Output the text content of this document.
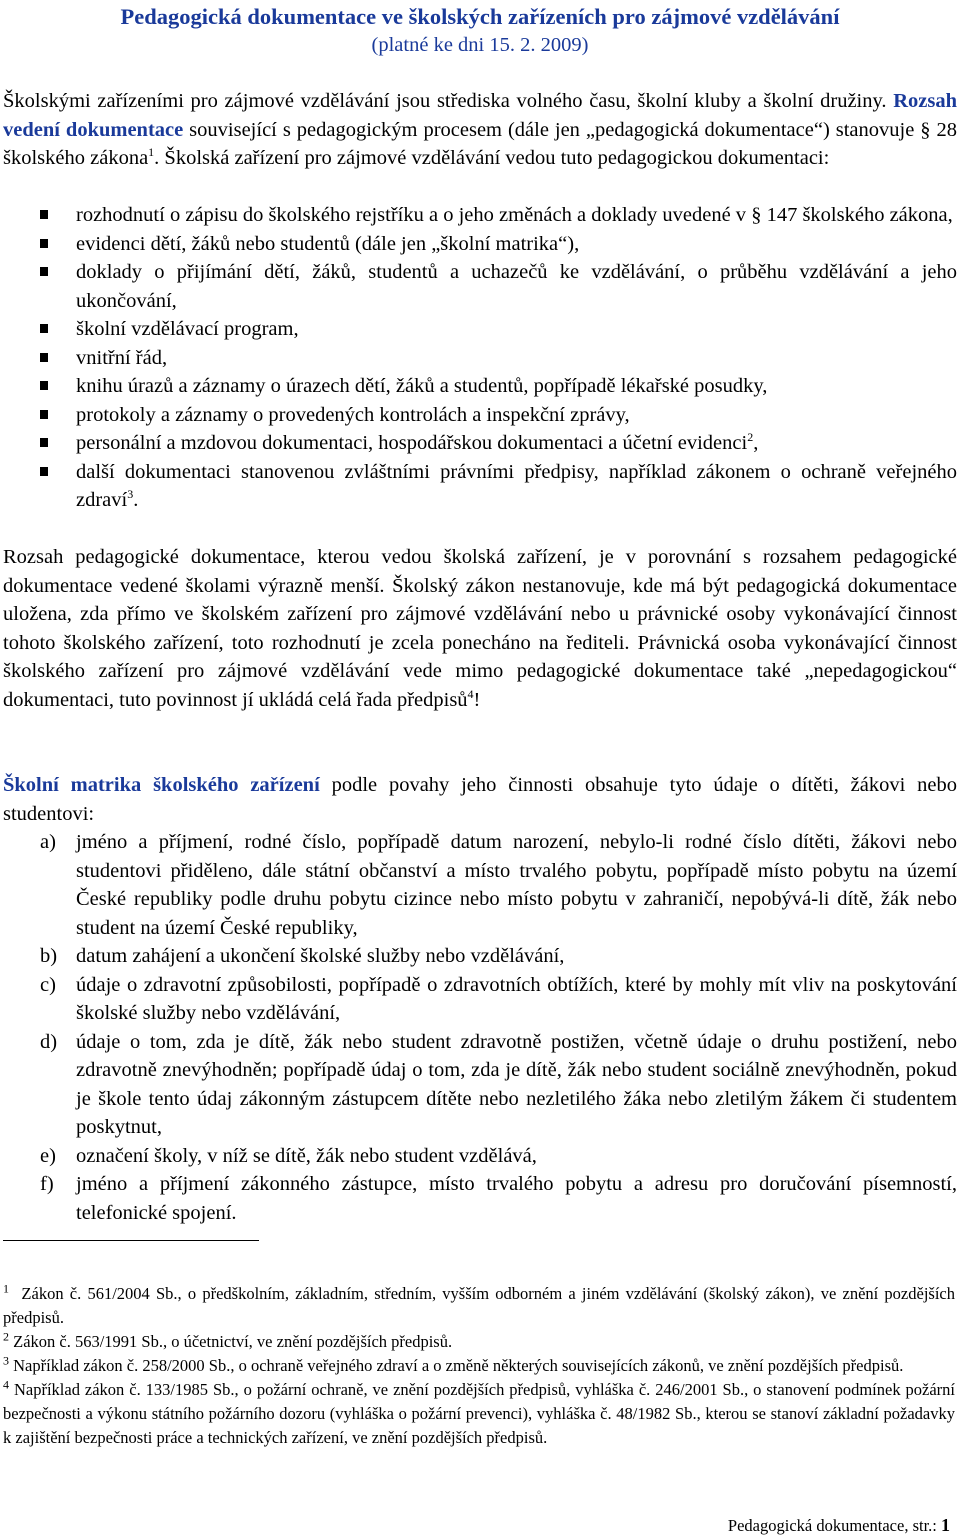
Pedagogická dokumentace ve školských zařízeních pro zájmové vzdělávání
(platné ke dni 15. 2. 2009)

Školskými zařízeními pro zájmové vzdělávání jsou střediska volného času, školní kluby a školní družiny. Rozsah vedení dokumentace související s pedagogickým procesem (dále jen „pedagogická dokumentace“) stanovuje § 28 školského zákona$^1$. Školská zařízení pro zájmové vzdělávání vedou tuto pedagogickou dokumentaci:

rozhodnutí o zápisu do školského rejstříku a o jeho změnách a doklady uvedené v § 147 školského zákona,
evidenci dětí, žáků nebo studentů (dále jen „školní matrika“),
doklady o přijímání dětí, žáků, studentů a uchazečů ke vzdělávání, o průběhu vzdělávání a jeho ukončování,
školní vzdělávací program,
vnitřní řád,
knihu úrazů a záznamy o úrazech dětí, žáků a studentů, popřípadě lékařské posudky,
protokoly a záznamy o provedených kontrolách a inspekční zprávy,
personální a mzdovou dokumentaci, hospodářskou dokumentaci a účetní evidenci$^2$,
další dokumentaci stanovenou zvláštními právními předpisy, například zákonem o ochraně veřejného zdraví$^3$.

Rozsah pedagogické dokumentace, kterou vedou školská zařízení, je v porovnání s rozsahem pedagogické dokumentace vedené školami výrazně menší. Školský zákon nestanovuje, kde má být pedagogická dokumentace uložena, zda přímo ve školském zařízení pro zájmové vzdělávání nebo u právnické osoby vykonávající činnost tohoto školského zařízení, toto rozhodnutí je zcela ponecháno na řediteli. Právnická osoba vykonávající činnost školského zařízení pro zájmové vzdělávání vede mimo pedagogické dokumentace také „nepedagogickou“ dokumentaci, tuto povinnost jí ukládá celá řada předpisů$^4$!

Školní matrika školského zařízení podle povahy jeho činnosti obsahuje tyto údaje o dítěti, žákovi nebo studentovi:

a) jméno a příjmení, rodné číslo, popřípadě datum narození, nebylo-li rodné číslo dítěti, žákovi nebo studentovi přiděleno, dále státní občanství a místo trvalého pobytu, popřípadě místo pobytu na území České republiky podle druhu pobytu cizince nebo místo pobytu v zahraničí, nepobývá-li dítě, žák nebo student na území České republiky,
b) datum zahájení a ukončení školské služby nebo vzdělávání,
c) údaje o zdravotní způsobilosti, popřípadě o zdravotních obtížích, které by mohly mít vliv na poskytování školské služby nebo vzdělávání,
d) údaje o tom, zda je dítě, žák nebo student zdravotně postižen, včetně údaje o druhu postižení, nebo zdravotně znevýhodněn; popřípadě údaj o tom, zda je dítě, žák nebo student sociálně znevýhodněn, pokud je škole tento údaj zákonným zástupcem dítěte nebo nezletilého žáka nebo zletilým žákem či studentem poskytnut,
e) označení školy, v níž se dítě, žák nebo student vzdělává,
f) jméno a příjmení zákonného zástupce, místo trvalého pobytu a adresu pro doručování písemností, telefonické spojení.

$^1$ Zákon č. 561/2004 Sb., o předškolním, základním, středním, vyšším odborném a jiném vzdělávání (školský zákon), ve znění pozdějších předpisů.

$^2$ Zákon č. 563/1991 Sb., o účetnictví, ve znění pozdějších předpisů.

$^3$ Například zákon č. 258/2000 Sb., o ochraně veřejného zdraví a o změně některých souvisejících zákonů, ve znění pozdějších předpisů.

$^4$ Například zákon č. 133/1985 Sb., o požární ochraně, ve znění pozdějších předpisů, vyhláška č. 246/2001 Sb., o stanovení podmínek požární bezpečnosti a výkonu státního požárního dozoru (vyhláška o požární prevenci), vyhláška č. 48/1982 Sb., kterou se stanoví základní požadavky k zajištění bezpečnosti práce a technických zařízení, ve znění pozdějších předpisů.

Pedagogická dokumentace, str.: 1
